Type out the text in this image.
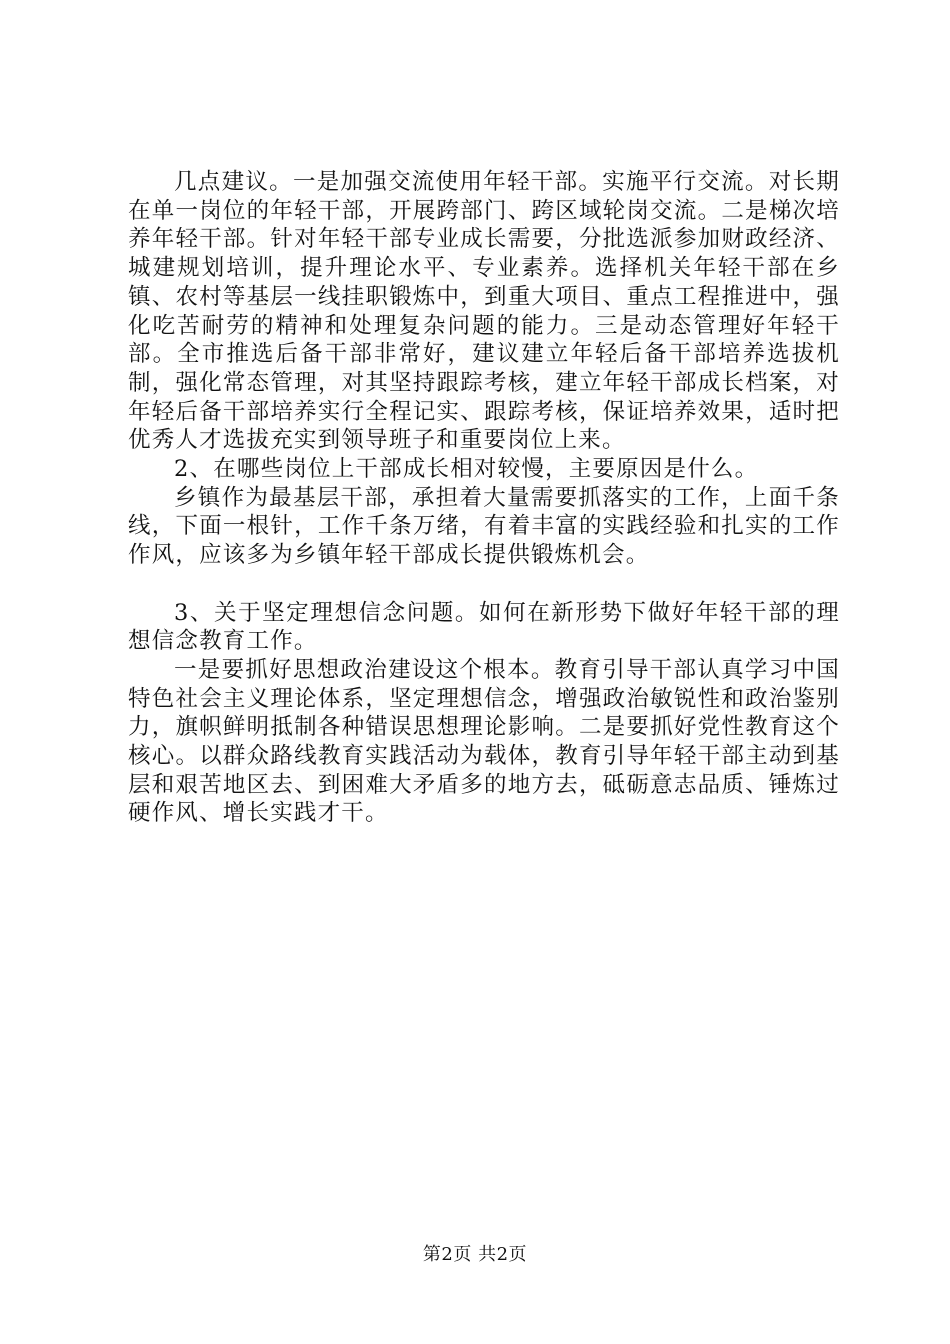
几点建议。一是加强交流使用年轻干部。实施平行交流。对长期在单一岗位的年轻干部，开展跨部门、跨区域轮岗交流。二是梯次培养年轻干部。针对年轻干部专业成长需要，分批选派参加财政经济、城建规划培训，提升理论水平、专业素养。选择机关年轻干部在乡镇、农村等基层一线挂职锻炼中，到重大项目、重点工程推进中，强化吃苦耐劳的精神和处理复杂问题的能力。三是动态管理好年轻干部。全市推选后备干部非常好，建议建立年轻后备干部培养选拔机制，强化常态管理，对其坚持跟踪考核，建立年轻干部成长档案，对年轻后备干部培养实行全程记实、跟踪考核，保证培养效果，适时把优秀人才选拔充实到领导班子和重要岗位上来。

2、在哪些岗位上干部成长相对较慢，主要原因是什么。

乡镇作为最基层干部，承担着大量需要抓落实的工作，上面千条线，下面一根针，工作千条万绪，有着丰富的实践经验和扎实的工作作风，应该多为乡镇年轻干部成长提供锻炼机会。

3、关于坚定理想信念问题。如何在新形势下做好年轻干部的理想信念教育工作。

一是要抓好思想政治建设这个根本。教育引导干部认真学习中国特色社会主义理论体系，坚定理想信念，增强政治敏锐性和政治鉴别力，旗帜鲜明抵制各种错误思想理论影响。二是要抓好党性教育这个核心。以群众路线教育实践活动为载体，教育引导年轻干部主动到基层和艰苦地区去、到困难大矛盾多的地方去，砥砺意志品质、锤炼过硬作风、增长实践才干。

第2页 共2页
